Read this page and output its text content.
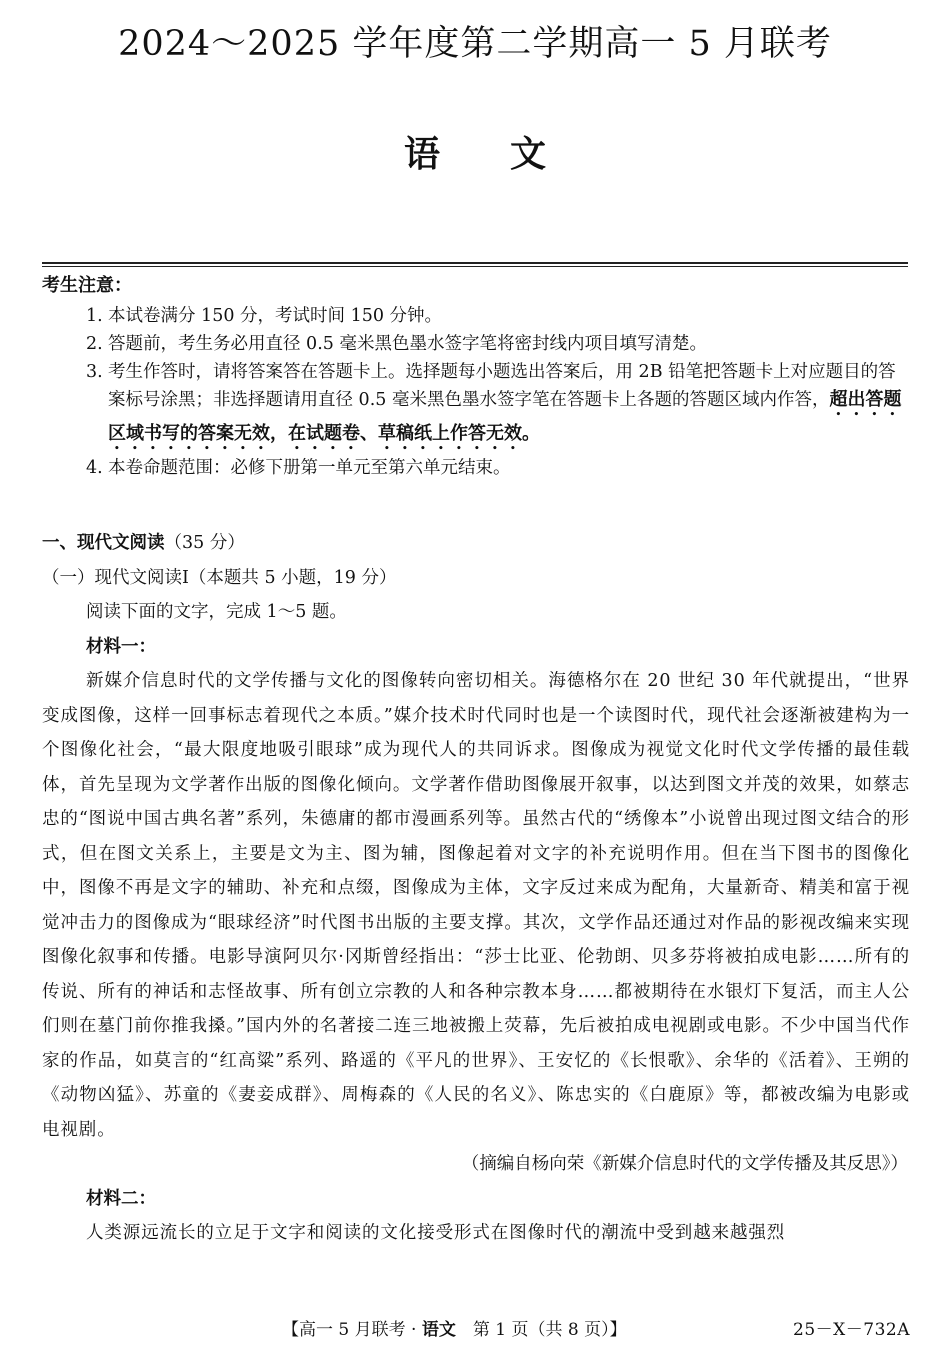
2024～2025 学年度第二学期高一 5 月联考
语文
考生注意：
1. 本试卷满分 150 分，考试时间 150 分钟。
2. 答题前，考生务必用直径 0.5 毫米黑色墨水签字笔将密封线内项目填写清楚。
3. 考生作答时，请将答案答在答题卡上。选择题每小题选出答案后，用 2B 铅笔把答题卡上对应题目的答案标号涂黑；非选择题请用直径 0.5 毫米黑色墨水签字笔在答题卡上各题的答题区域内作答，超出答题区域书写的答案无效，在试题卷、草稿纸上作答无效。
4. 本卷命题范围：必修下册第一单元至第六单元结束。
一、现代文阅读（35 分）
（一）现代文阅读Ⅰ（本题共 5 小题，19 分）
阅读下面的文字，完成 1～5 题。
材料一：
新媒介信息时代的文学传播与文化的图像转向密切相关。海德格尔在 20 世纪 30 年代就提出，“世界变成图像，这样一回事标志着现代之本质。”媒介技术时代同时也是一个读图时代，现代社会逐渐被建构为一个图像化社会，“最大限度地吸引眼球”成为现代人的共同诉求。图像成为视觉文化时代文学传播的最佳载体，首先呈现为文学著作出版的图像化倾向。文学著作借助图像展开叙事，以达到图文并茂的效果，如蔡志忠的“图说中国古典名著”系列，朱德庸的都市漫画系列等。虽然古代的“绣像本”小说曾出现过图文结合的形式，但在图文关系上，主要是文为主、图为辅，图像起着对文字的补充说明作用。但在当下图书的图像化中，图像不再是文字的辅助、补充和点缀，图像成为主体，文字反过来成为配角，大量新奇、精美和富于视觉冲击力的图像成为“眼球经济”时代图书出版的主要支撑。其次，文学作品还通过对作品的影视改编来实现图像化叙事和传播。电影导演阿贝尔·冈斯曾经指出：“莎士比亚、伦勃朗、贝多芬将被拍成电影……所有的传说、所有的神话和志怪故事、所有创立宗教的人和各种宗教本身……都被期待在水银灯下复活，而主人公们则在墓门前你推我搡。”国内外的名著接二连三地被搬上荧幕，先后被拍成电视剧或电影。不少中国当代作家的作品，如莫言的“红高粱”系列、路遥的《平凡的世界》、王安忆的《长恨歌》、余华的《活着》、王朔的《动物凶猛》、苏童的《妻妾成群》、周梅森的《人民的名义》、陈忠实的《白鹿原》等，都被改编为电影或电视剧。
（摘编自杨向荣《新媒介信息时代的文学传播及其反思》）
材料二：
人类源远流长的立足于文字和阅读的文化接受形式在图像时代的潮流中受到越来越强烈
【高一 5 月联考 · 语文　第 1 页（共 8 页）】	25－X－732A
